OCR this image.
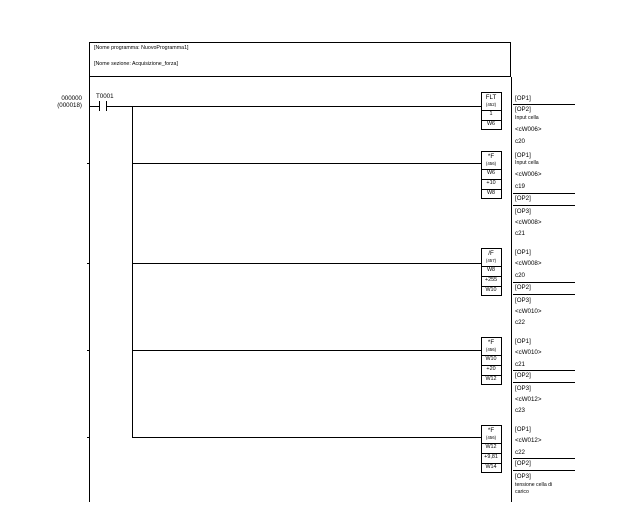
[Nome programma: NuovoProgramma1]
[Nome sezione: Acquisizione_forza]
000000
(000018)
T0001	FLT
(452)
1
W6
[OP1]
[OP2]
Input cella
<cW006>
c20
*F
(456)
W6
+10
W8
[OP1]
Input cella
<cW006>
c19
[OP2]
[OP3]
<cW008>
c21
/F
(457)
W8
+255
W10
[OP1]
<cW008>
c20
[OP2]
[OP3]
<cW010>
c22
*F
(456)
W10
+20
W12
[OP1]
<cW010>
c21
[OP2]
[OP3]
<cW012>
c23
*F
(456)
W12
+9,81
W14
[OP1]
<cW012>
c22
[OP2]
[OP3]
tensione cella di
carico
